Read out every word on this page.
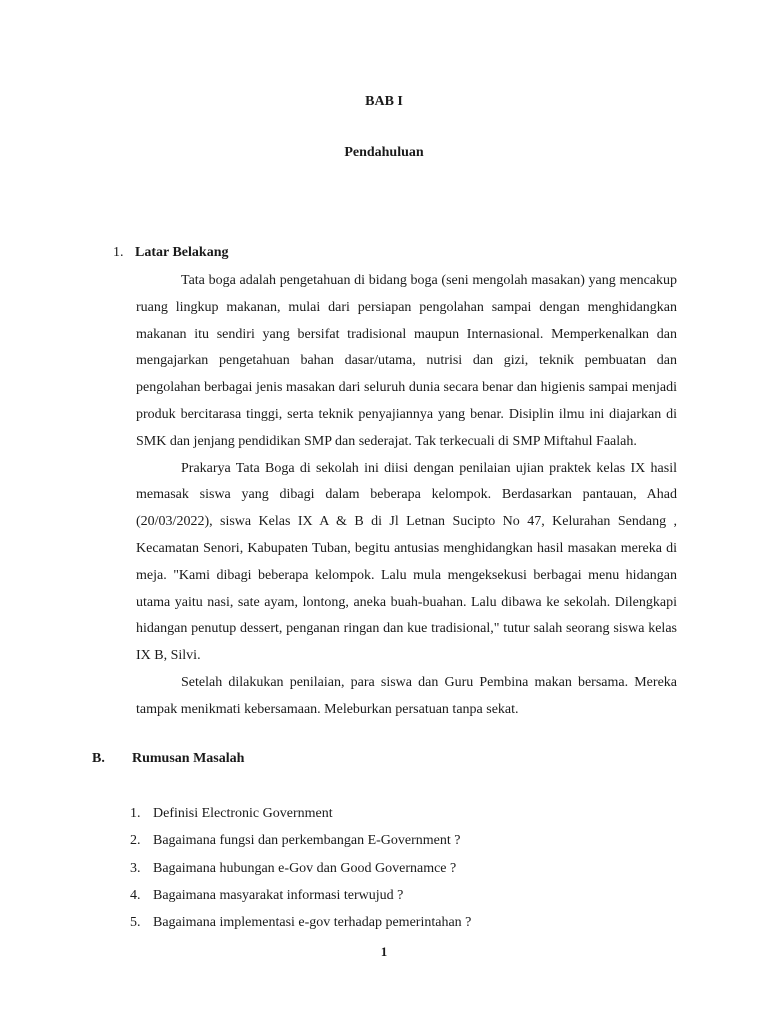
BAB I
Pendahuluan
1. Latar Belakang

Tata boga adalah pengetahuan di bidang boga (seni mengolah masakan) yang mencakup ruang lingkup makanan, mulai dari persiapan pengolahan sampai dengan menghidangkan makanan itu sendiri yang bersifat tradisional maupun Internasional. Memperkenalkan dan mengajarkan pengetahuan bahan dasar/utama, nutrisi dan gizi, teknik pembuatan dan pengolahan berbagai jenis masakan dari seluruh dunia secara benar dan higienis sampai menjadi produk bercitarasa tinggi, serta teknik penyajiannya yang benar. Disiplin ilmu ini diajarkan di SMK dan jenjang pendidikan SMP dan sederajat. Tak terkecuali di SMP Miftahul Faalah.

Prakarya Tata Boga di sekolah ini diisi dengan penilaian ujian praktek kelas IX hasil memasak siswa yang dibagi dalam beberapa kelompok. Berdasarkan pantauan, Ahad (20/03/2022), siswa Kelas IX A & B di Jl Letnan Sucipto No 47, Kelurahan Sendang , Kecamatan Senori, Kabupaten Tuban, begitu antusias menghidangkan hasil masakan mereka di meja. "Kami dibagi beberapa kelompok. Lalu mula mengeksekusi berbagai menu hidangan utama yaitu nasi, sate ayam, lontong, aneka buah-buahan. Lalu dibawa ke sekolah. Dilengkapi hidangan penutup dessert, penganan ringan dan kue tradisional," tutur salah seorang siswa kelas IX B, Silvi.

Setelah dilakukan penilaian, para siswa dan Guru Pembina makan bersama. Mereka tampak menikmati kebersamaan. Meleburkan persatuan tanpa sekat.

B. Rumusan Masalah
1. Definisi Electronic Government
2. Bagaimana fungsi dan perkembangan E-Government ?
3. Bagaimana hubungan e-Gov dan Good Governamce ?
4. Bagaimana masyarakat informasi terwujud ?
5. Bagaimana implementasi e-gov terhadap pemerintahan ?
1
